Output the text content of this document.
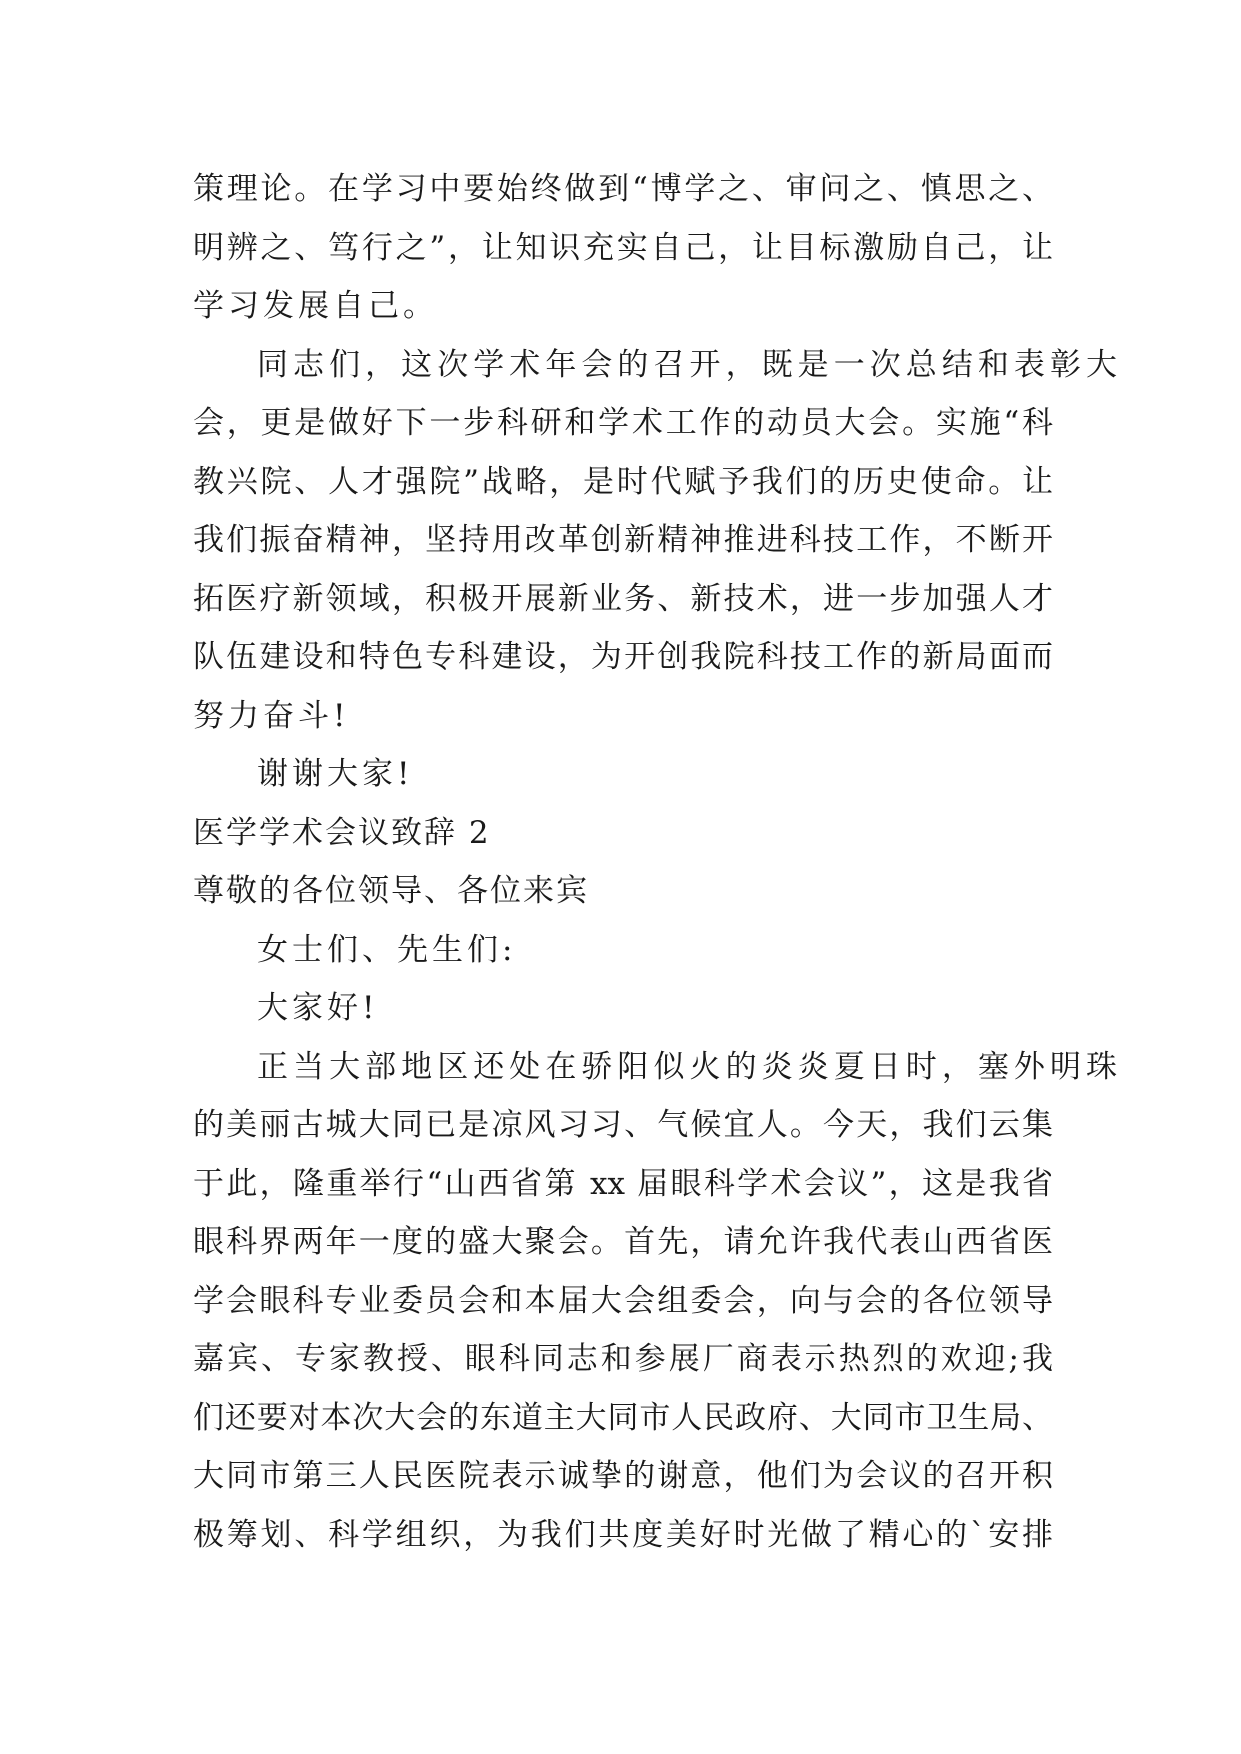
策理论。在学习中要始终做到“博学之、审问之、慎思之、
明辨之、笃行之”，让知识充实自己，让目标激励自己，让
学习发展自己。
同志们，这次学术年会的召开，既是一次总结和表彰大
会，更是做好下一步科研和学术工作的动员大会。实施“科
教兴院、人才强院”战略，是时代赋予我们的历史使命。让
我们振奋精神，坚持用改革创新精神推进科技工作，不断开
拓医疗新领域，积极开展新业务、新技术，进一步加强人才
队伍建设和特色专科建设，为开创我院科技工作的新局面而
努力奋斗!
谢谢大家!
医学学术会议致辞 2
尊敬的各位领导、各位来宾
女士们、先生们:
大家好!
正当大部地区还处在骄阳似火的炎炎夏日时，塞外明珠
的美丽古城大同已是凉风习习、气候宜人。今天，我们云集
于此，隆重举行“山西省第 xx 届眼科学术会议”，这是我省
眼科界两年一度的盛大聚会。首先，请允许我代表山西省医
学会眼科专业委员会和本届大会组委会，向与会的各位领导
嘉宾、专家教授、眼科同志和参展厂商表示热烈的欢迎;我
们还要对本次大会的东道主大同市人民政府、大同市卫生局、
大同市第三人民医院表示诚挚的谢意，他们为会议的召开积
极筹划、科学组织，为我们共度美好时光做了精心的`安排
